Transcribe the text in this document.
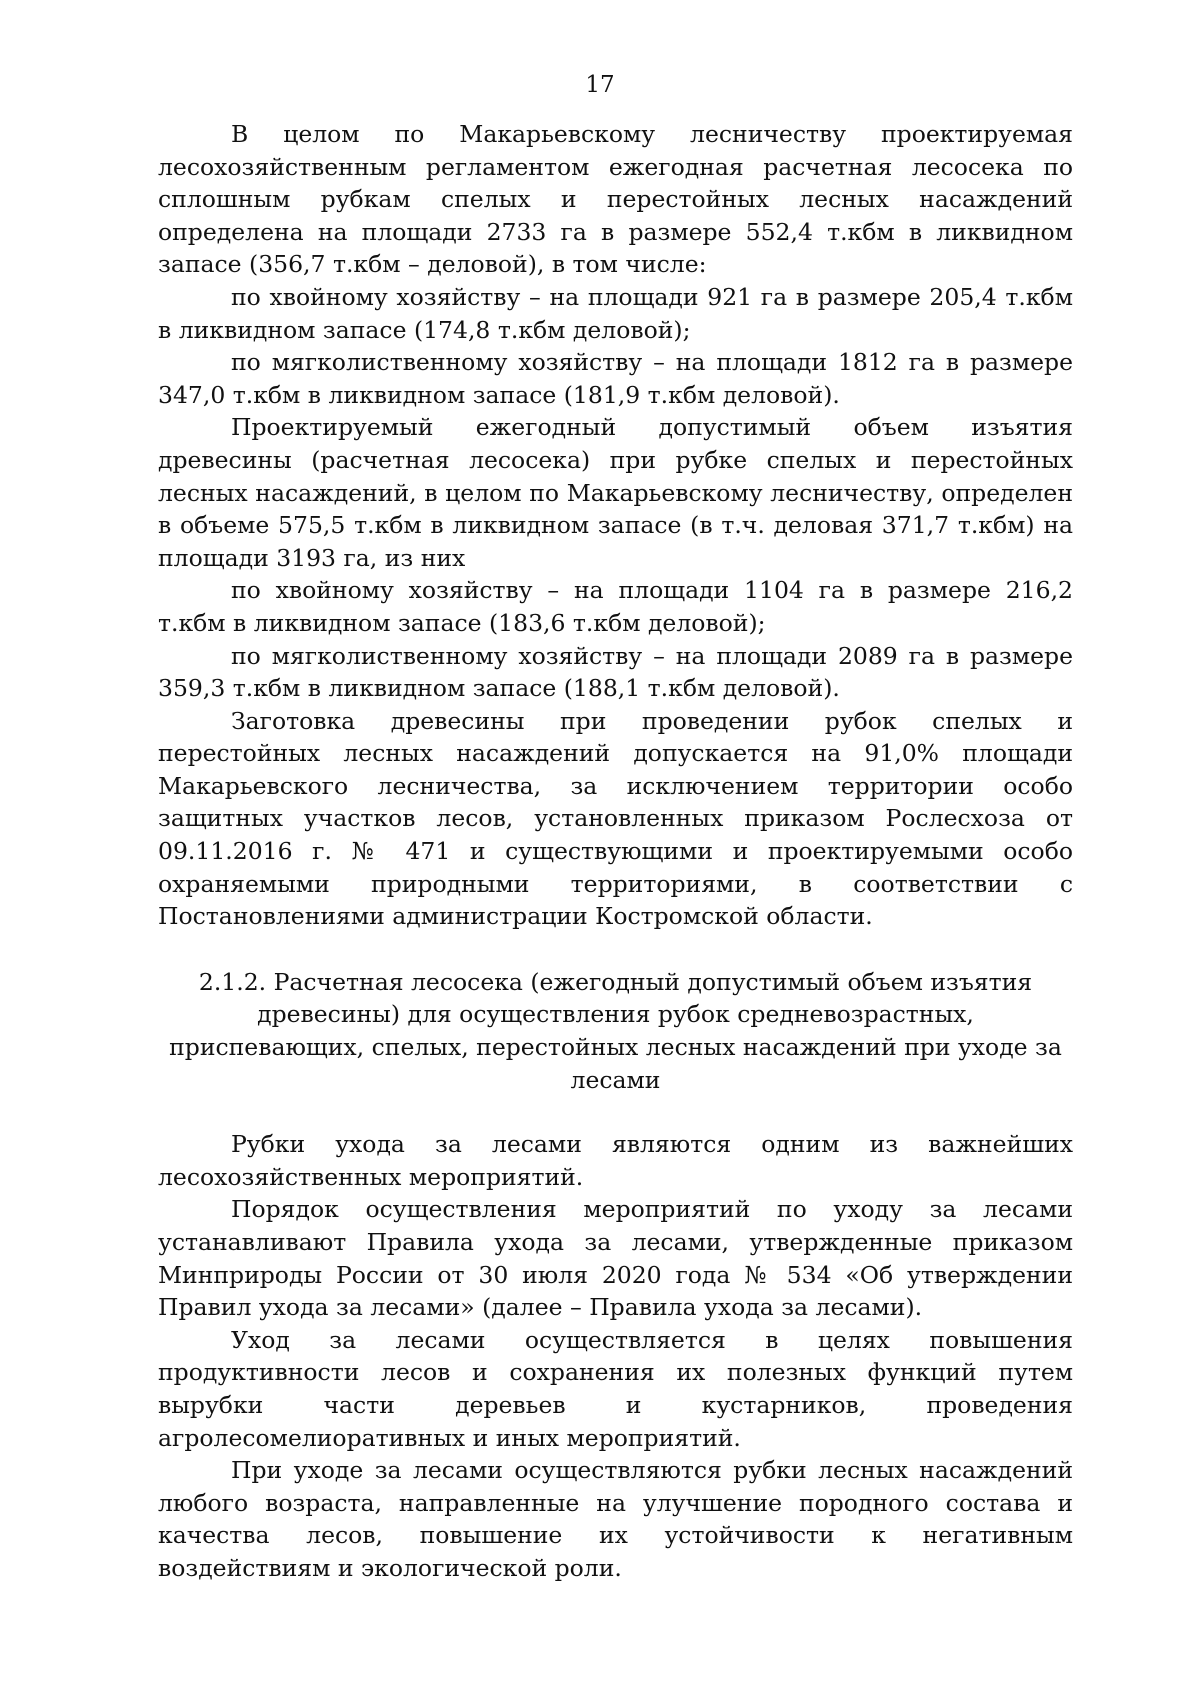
17

В целом по Макарьевскому лесничеству проектируемая лесохозяйственным регламентом ежегодная расчетная лесосека по сплошным рубкам спелых и перестойных лесных насаждений определена на площади 2733 га в размере 552,4 т.кбм в ликвидном запасе (356,7 т.кбм – деловой), в том числе:

по хвойному хозяйству – на площади 921 га в размере 205,4 т.кбм в ликвидном запасе (174,8 т.кбм деловой);

по мягколиственному хозяйству – на площади 1812 га в размере 347,0 т.кбм в ликвидном запасе (181,9 т.кбм деловой).

Проектируемый ежегодный допустимый объем изъятия древесины (расчетная лесосека) при рубке спелых и перестойных лесных насаждений, в целом по Макарьевскому лесничеству, определен в объеме 575,5 т.кбм в ликвидном запасе (в т.ч. деловая 371,7 т.кбм) на площади 3193 га, из них

по хвойному хозяйству – на площади 1104 га в размере 216,2 т.кбм в ликвидном запасе (183,6 т.кбм деловой);

по мягколиственному хозяйству – на площади 2089 га в размере 359,3 т.кбм в ликвидном запасе (188,1 т.кбм деловой).

Заготовка древесины при проведении рубок спелых и перестойных лесных насаждений допускается на 91,0% площади Макарьевского лесничества, за исключением территории особо защитных участков лесов, установленных приказом Рослесхоза от 09.11.2016 г. № 471 и существующими и проектируемыми особо охраняемыми природными территориями, в соответствии с Постановлениями администрации Костромской области.

2.1.2. Расчетная лесосека (ежегодный допустимый объем изъятия древесины) для осуществления рубок средневозрастных, приспевающих, спелых, перестойных лесных насаждений при уходе за лесами

Рубки ухода за лесами являются одним из важнейших лесохозяйственных мероприятий.

Порядок осуществления мероприятий по уходу за лесами устанавливают Правила ухода за лесами, утвержденные приказом Минприроды России от 30 июля 2020 года № 534 «Об утверждении Правил ухода за лесами» (далее – Правила ухода за лесами).

Уход за лесами осуществляется в целях повышения продуктивности лесов и сохранения их полезных функций путем вырубки части деревьев и кустарников, проведения агролесомелиоративных и иных мероприятий.

При уходе за лесами осуществляются рубки лесных насаждений любого возраста, направленные на улучшение породного состава и качества лесов, повышение их устойчивости к негативным воздействиям и экологической роли.
